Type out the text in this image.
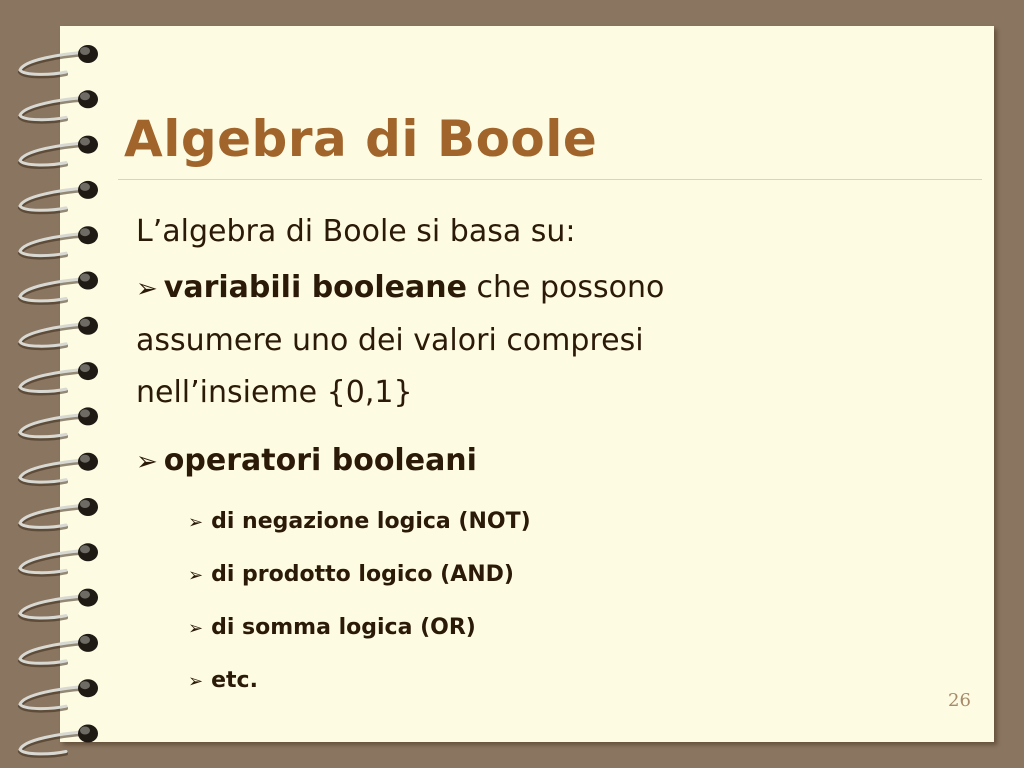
Algebra di Boole

L’algebra di Boole si basa su:

➢ variabili booleane che possono assumere uno dei valori compresi nell’insieme {0,1}
➢ operatori booleani
➢ di negazione logica (NOT)
➢ di prodotto logico (AND)
➢ di somma logica (OR)
➢ etc.
26
